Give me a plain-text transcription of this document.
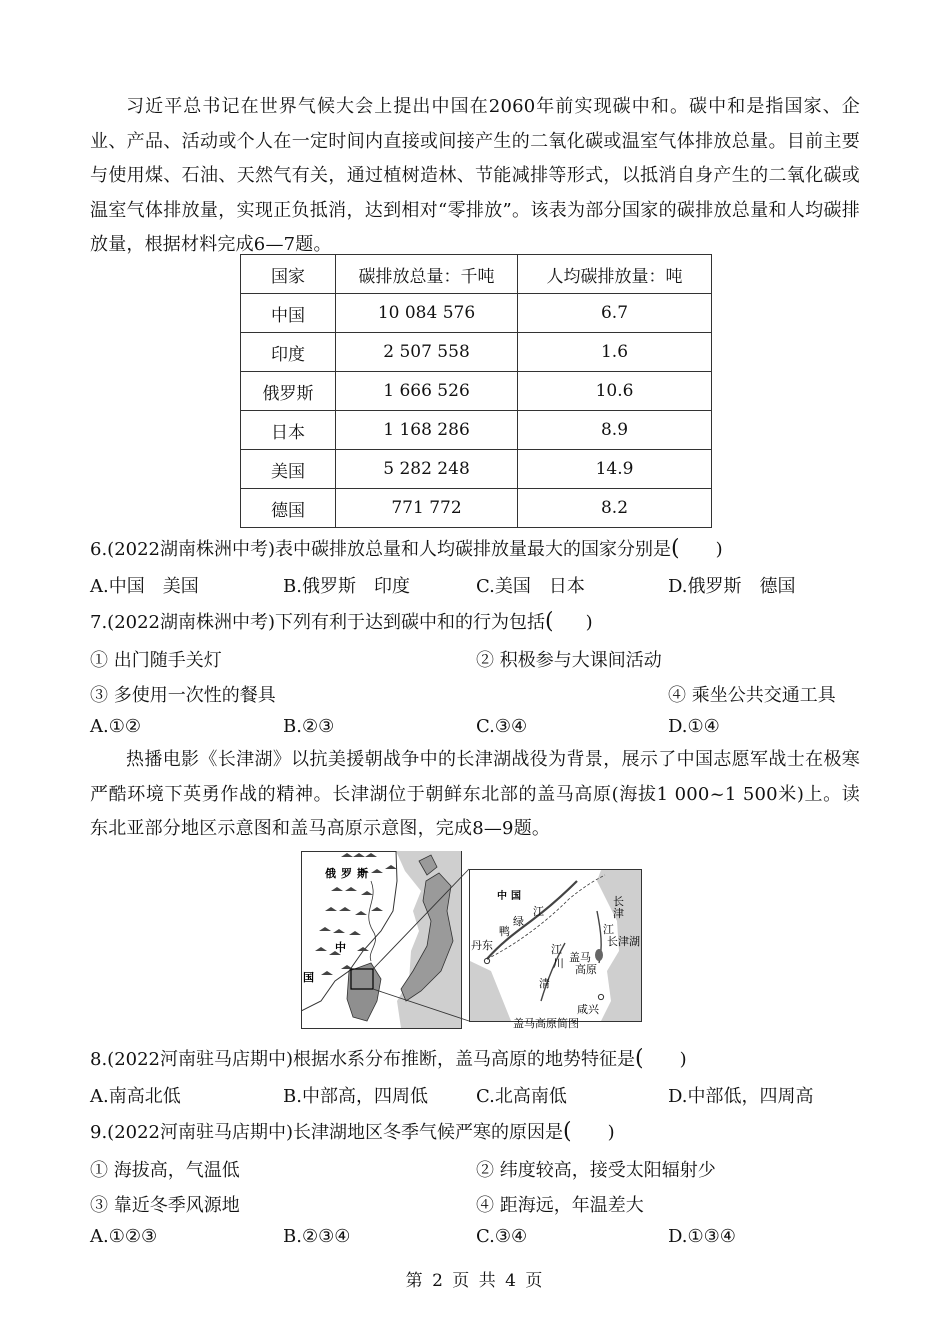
习近平总书记在世界气候大会上提出中国在2060年前实现碳中和。碳中和是指国家、企业、产品、活动或个人在一定时间内直接或间接产生的二氧化碳或温室气体排放总量。目前主要与使用煤、石油、天然气有关，通过植树造林、节能减排等形式，以抵消自身产生的二氧化碳或温室气体排放量，实现正负抵消，达到相对“零排放”。该表为部分国家的碳排放总量和人均碳排放量，根据材料完成6—7题。

国家	碳排放总量：千吨	人均碳排放量：吨
中国	10 084 576	6.7
印度	2 507 558	1.6
俄罗斯	1 666 526	10.6
日本	1 168 286	8.9
美国	5 282 248	14.9
德国	771 772	8.2
6.(2022湖南株洲中考)表中碳排放总量和人均碳排放量最大的国家分别是( )
A.中国　美国	B.俄罗斯　印度	C.美国　日本	D.俄罗斯　德国
7.(2022湖南株洲中考)下列有利于达到碳中和的行为包括( )
① 出门随手关灯	② 积极参与大课间活动
③ 多使用一次性的餐具	④ 乘坐公共交通工具
A.①②	B.②③	C.③④	D.①④

热播电影《长津湖》以抗美援朝战争中的长津湖战役为背景，展示了中国志愿军战士在极寒严酷环境下英勇作战的精神。长津湖位于朝鲜东北部的盖马高原(海拔1 000~1 500米)上。读东北亚部分地区示意图和盖马高原示意图，完成8—9题。

俄 罗 斯
中
国
中 国
鸭
绿
江
丹东
长
津
江
长津湖
盖马
高原
清
川
江
咸兴
盖马高原简图
8.(2022河南驻马店期中)根据水系分布推断，盖马高原的地势特征是( )
A.南高北低	B.中部高，四周低	C.北高南低	D.中部低，四周高
9.(2022河南驻马店期中)长津湖地区冬季气候严寒的原因是( )
① 海拔高，气温低	② 纬度较高，接受太阳辐射少
③ 靠近冬季风源地	④ 距海远，年温差大
A.①②③	B.②③④	C.③④	D.①③④
第 2 页 共 4 页
